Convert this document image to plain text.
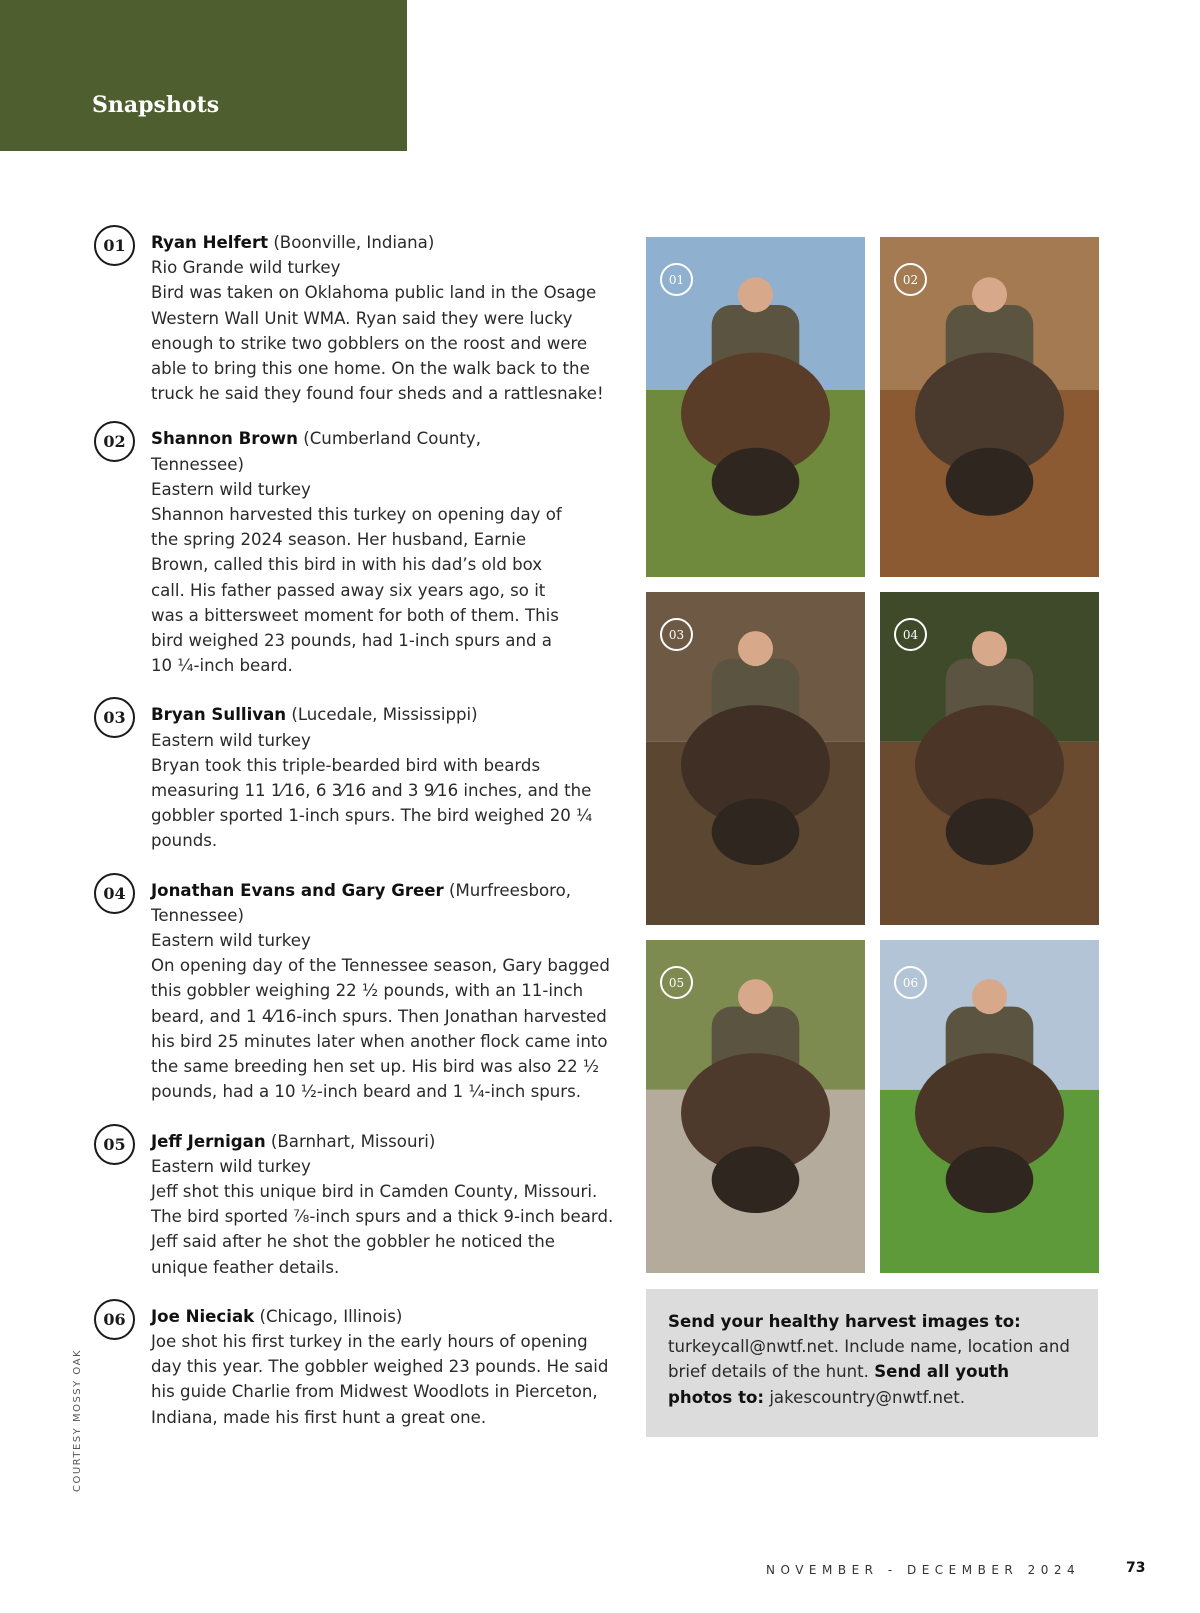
Snapshots
01	Ryan Helfert (Boonville, Indiana)

Rio Grande wild turkey

Bird was taken on Oklahoma public land in the Osage Western Wall Unit WMA. Ryan said they were lucky enough to strike two gobblers on the roost and were able to bring this one home. On the walk back to the truck he said they found four sheds and a rattlesnake!

02	Shannon Brown (Cumberland County, Tennessee)

Eastern wild turkey

Shannon harvested this turkey on opening day of the spring 2024 season. Her husband, Earnie Brown, called this bird in with his dad’s old box call. His father passed away six years ago, so it was a bittersweet moment for both of them. This bird weighed 23 pounds, had 1-inch spurs and a 10 ¼-inch beard.

03	Bryan Sullivan (Lucedale, Mississippi)

Eastern wild turkey

Bryan took this triple-bearded bird with beards measuring 11 1⁄16, 6 3⁄16 and 3 9⁄16 inches, and the gobbler sported 1-inch spurs. The bird weighed 20 ¼ pounds.

04	Jonathan Evans and Gary Greer (Murfreesboro, Tennessee)

Eastern wild turkey

On opening day of the Tennessee season, Gary bagged this gobbler weighing 22 ½ pounds, with an 11-inch beard, and 1 4⁄16-inch spurs. Then Jonathan harvested his bird 25 minutes later when another flock came into the same breeding hen set up. His bird was also 22 ½ pounds, had a 10 ½-inch beard and 1 ¼-inch spurs.

05	Jeff Jernigan (Barnhart, Missouri)

Eastern wild turkey

Jeff shot this unique bird in Camden County, Missouri. The bird sported ⅞-inch spurs and a thick 9-inch beard. Jeff said after he shot the gobbler he noticed the unique feather details.

06	Joe Nieciak (Chicago, Illinois)

Joe shot his first turkey in the early hours of opening day this year. The gobbler weighed 23 pounds. He said his guide Charlie from Midwest Woodlots in Pierceton, Indiana, made his first hunt a great one.

01	02
03	04
05	06
Send your healthy harvest images to: turkeycall@nwtf.net. Include name, location and brief details of the hunt. Send all youth photos to: jakescountry@nwtf.net.
COURTESY MOSSY OAK
NOVEMBER - DECEMBER 2024	73
